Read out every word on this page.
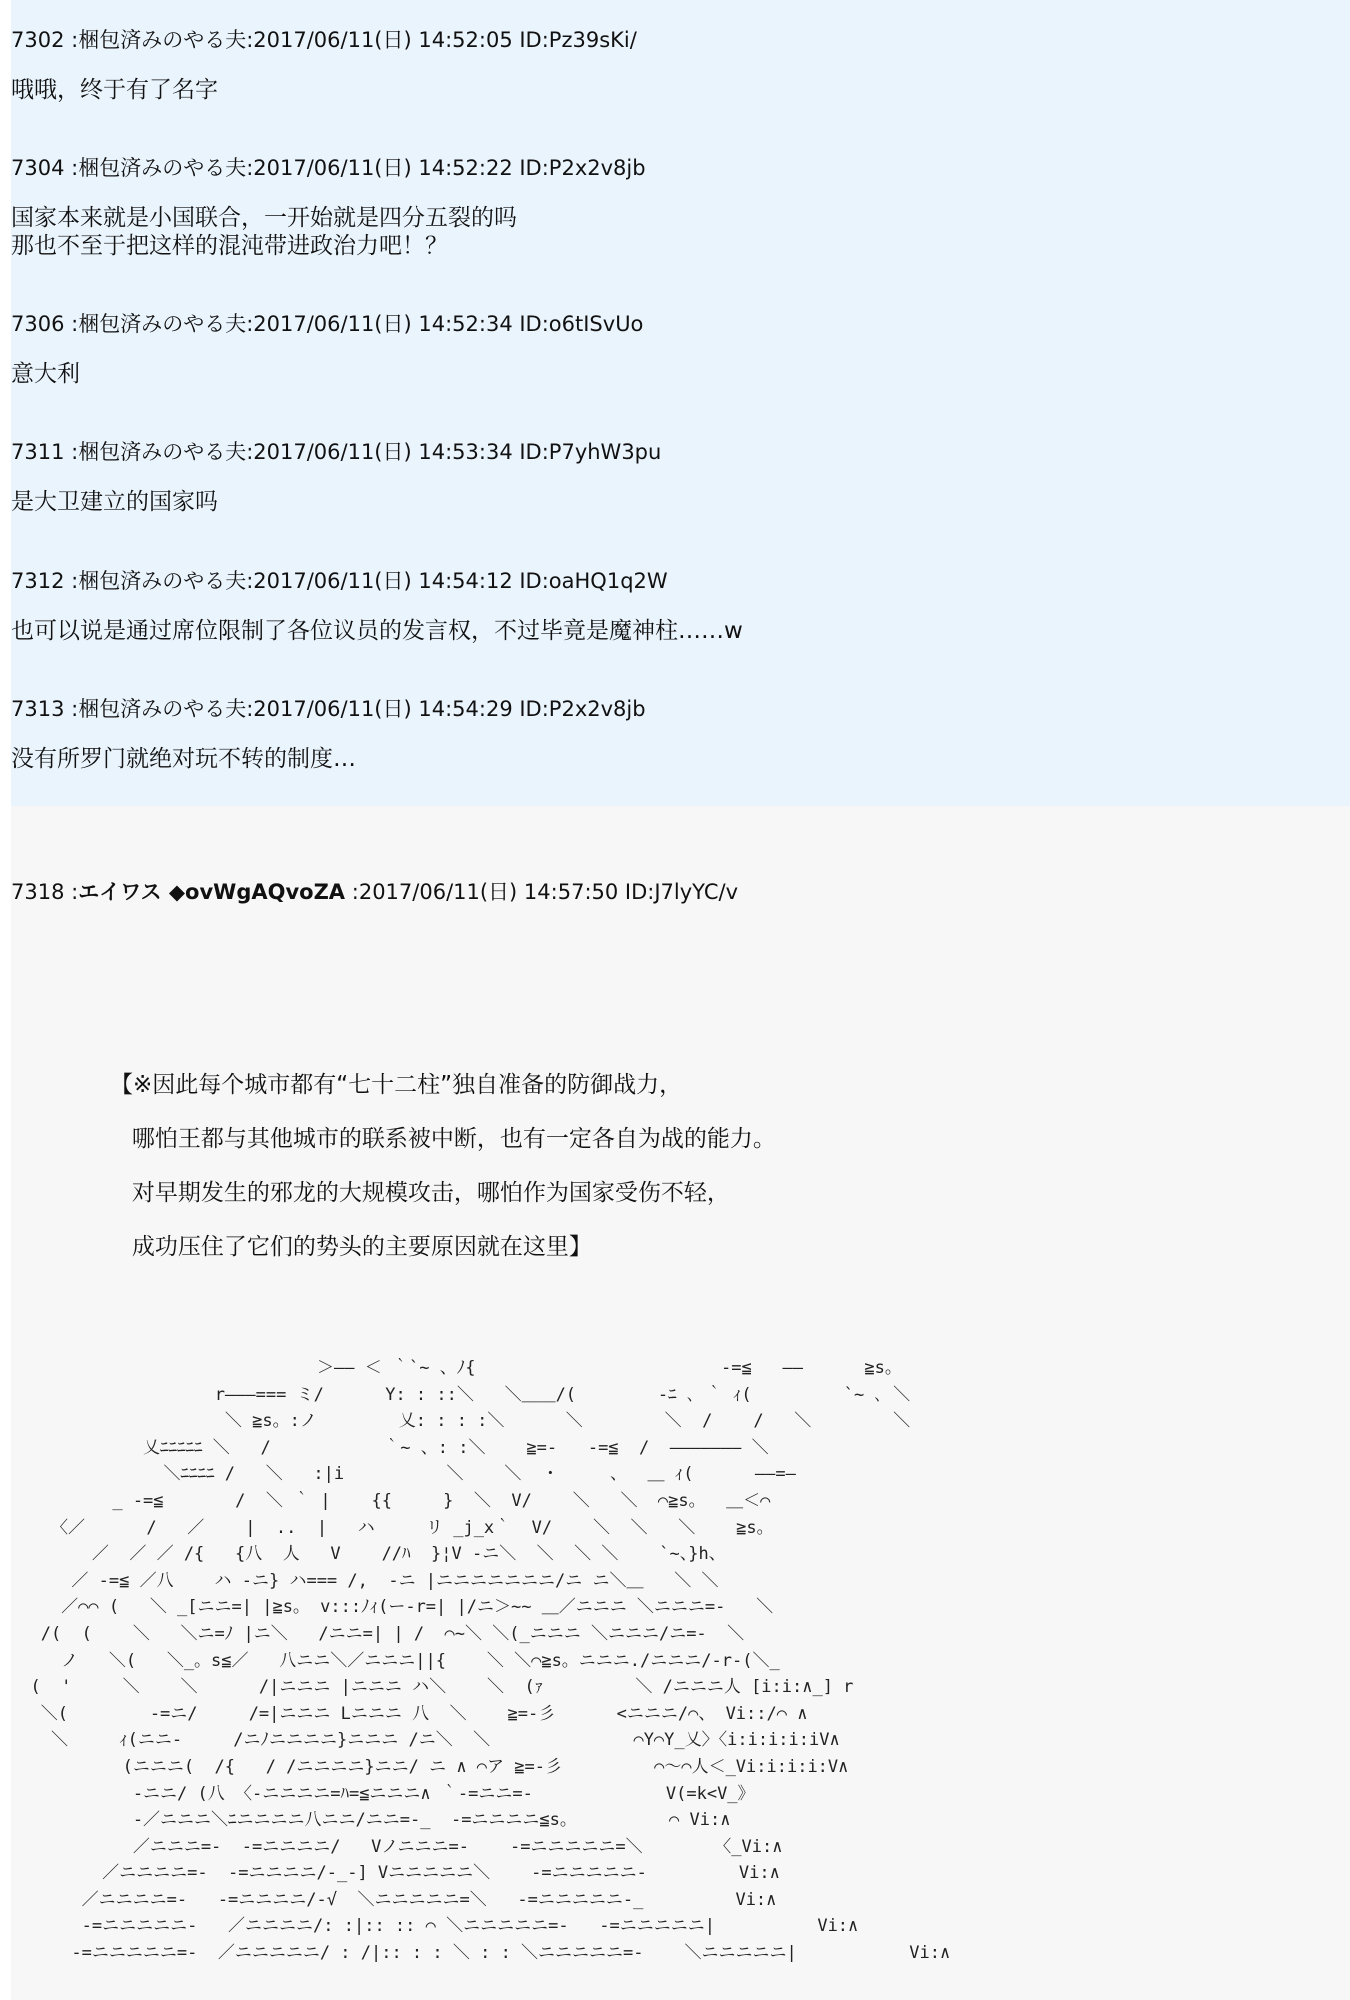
7302 :梱包済みのやる夫:2017/06/11(日) 14:52:05 ID:Pz39sKi/
哦哦，终于有了名字
7304 :梱包済みのやる夫:2017/06/11(日) 14:52:22 ID:P2x2v8jb
国家本来就是小国联合，一开始就是四分五裂的吗
那也不至于把这样的混沌带进政治力吧！？
7306 :梱包済みのやる夫:2017/06/11(日) 14:52:34 ID:o6tISvUo
意大利
7311 :梱包済みのやる夫:2017/06/11(日) 14:53:34 ID:P7yhW3pu
是大卫建立的国家吗
7312 :梱包済みのやる夫:2017/06/11(日) 14:54:12 ID:oaHQ1q2W
也可以说是通过席位限制了各位议员的发言权，不过毕竟是魔神柱……w
7313 :梱包済みのやる夫:2017/06/11(日) 14:54:29 ID:P2x2v8jb
没有所罗门就绝对玩不转的制度…
7318 :エイワス ◆ovWgAQvoZA :2017/06/11(日) 14:57:50 ID:J7lyYC/v
【※因此每个城市都有“七十二柱”独自准备的防御战力，
哪怕王都与其他城市的联系被中断，也有一定各自为战的能力。
对早期发生的邪龙的大规模攻击，哪怕作为国家受伤不轻，
成功压住了它们的势头的主要原因就在这里】
＞―― ＜ ｀`~ 、ﾉ{                        -=≦   ――      ≧s。
r―――=== ミ/      Y: : ::＼   ＼＿＿/(        -ﾆ ､ ｀ ｨ(         `~ ､ ＼
＼ ≧s。:ノ        乂: : : :＼      ＼        ＼  /    /   ＼        ＼
乂ﾆﾆﾆﾆﾆ ＼   /           ｀~ 、: :＼    ≧=-   -=≦  /  ――――――― ＼
＼ﾆﾆﾆﾆ /   ＼   :|i          ＼    ＼  ・     、  ＿ ｨ(      ――=―
_ -=≦       /  ＼ ｀ |    {{     }  ＼  V/    ＼   ＼  ⌒≧s。  ＿＜⌒
〈／      /   ／    |  ..  |   ハ     リ _j_x｀  V/    ＼  ＼   ＼    ≧s。
／  ／ ／ /{   {八  人   V    //ﾊ  }¦V -ニ＼  ＼  ＼ ＼    `~、}h、
／ -=≦ ／八    ハ -ニ} ハ=== /,  -ニ |ニニニニニニニ/ニ ニ＼＿   ＼ ＼
／⌒⌒ (   ＼ _[ニニ=| |≧s。 v:::ﾉｨ(ー-r=| |/ニ＞~~ ＿／ニニニ ＼ニニニ=-   ＼
/(  (    ＼   ＼ニ=ﾉ |ニ＼   /ニニ=| | /  ⌒~＼ ＼(_ニニニ ＼ニニニ/ニ=-  ＼
ノ   ＼(   ＼_。s≦／   八ニニ＼／ニニニ||{    ＼ ＼⌒≧s。ニニニ./ニニニ/-r-(＼_
(  '     ＼    ＼      /|ニニニ |ニニニ ハ＼    ＼  (ｧ         ＼ /ニニニ人 [i:i:∧_] r
＼(        -=ニ/     /=|ニニニ Lニニニ 八  ＼    ≧=-彡      <ニニニ/⌒、 Vi::/⌒ ∧
＼     ｨ(ニニ-     /ニﾉニニニニ}ニニニ /ニ＼  ＼              ⌒Y⌒Y_乂〉〈i:i:i:i:iV∧
(ニニニ(  /{   / /ニニニニ}ニニ/ ニ ∧ ⌒ア ≧=-彡         ⌒～⌒人＜_Vi:i:i:i:V∧
-ニニ/ (八 〈-ニニニニ=ﾊ=≦ニニニ∧ ｀-=ニニ=-             V(=k<V_》
-／ニニニ＼ﾆニニニニ八ニニ/ニニ=-_  -=ニニニニ≦s。         ⌒ Vi:∧
／ニニニ=-  -=ニニニニ/   Vノニニニ=-    -=ニニニニニ=＼       〈_Vi:∧
／ニニニニ=-  -=ニニニニ/-_-] Vニニニニニ＼    -=ニニニニニ-         Vi:∧
／ニニニニ=-   -=ニニニニ/-√  ＼ニニニニニ=＼   -=ニニニニニ-_         Vi:∧
-=ニニニニニ-   ／ニニニニ/: :|:: :: ⌒ ＼ニニニニニ=-   -=ニニニニニ|          Vi:∧
-=ニニニニニ=-  ／ニニニニニ/ : /|:: : : ＼ : : ＼ニニニニニ=-    ＼ニニニニニ|           Vi:∧
